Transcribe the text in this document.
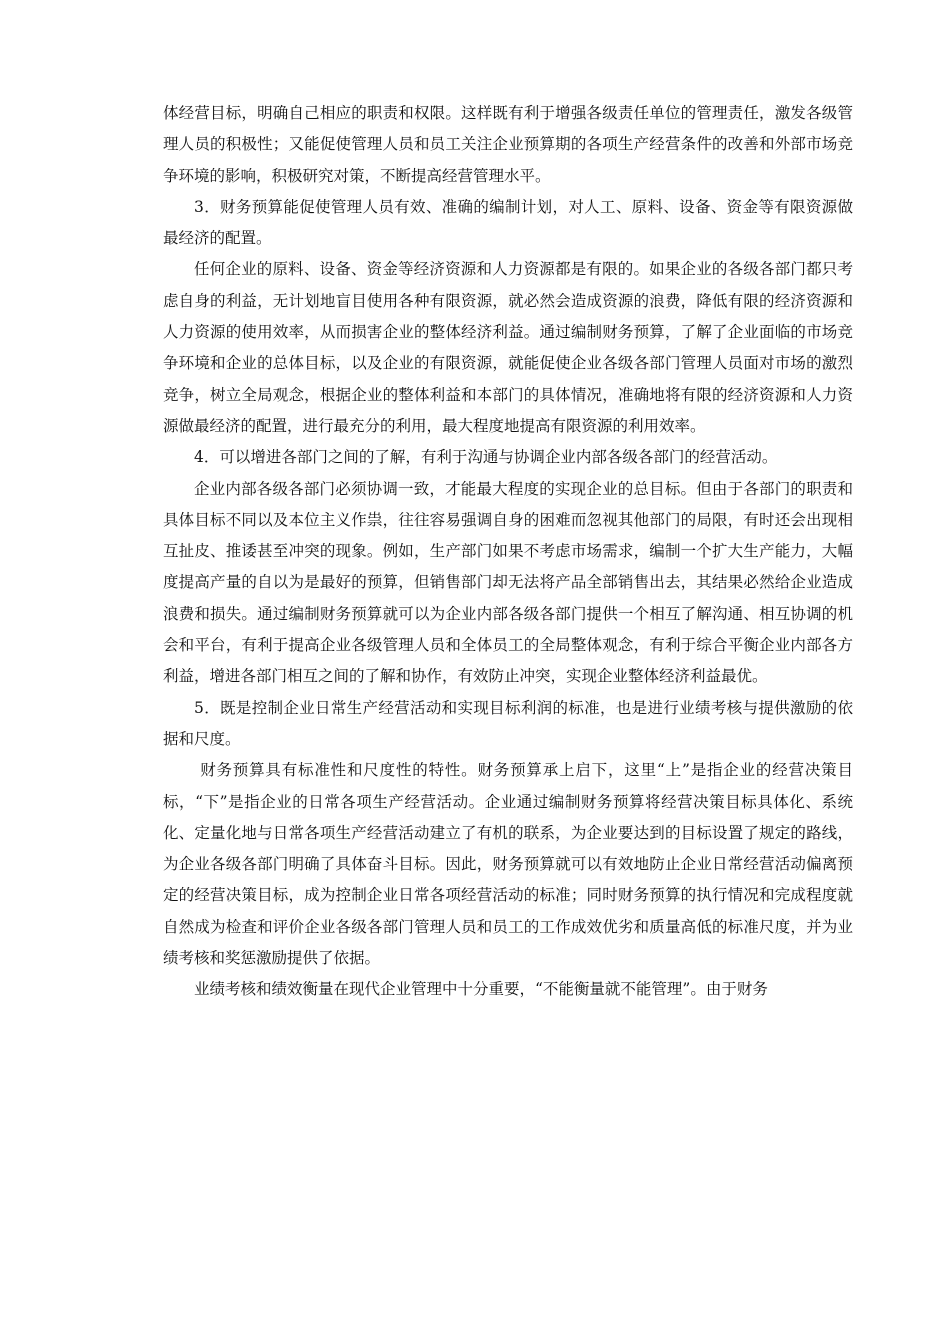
体经营目标，明确自己相应的职责和权限。这样既有利于增强各级责任单位的管理责任，激发各级管理人员的积极性；又能促使管理人员和员工关注企业预算期的各项生产经营条件的改善和外部市场竞争环境的影响，积极研究对策，不断提高经营管理水平。

3．财务预算能促使管理人员有效、准确的编制计划，对人工、原料、设备、资金等有限资源做最经济的配置。

任何企业的原料、设备、资金等经济资源和人力资源都是有限的。如果企业的各级各部门都只考虑自身的利益，无计划地盲目使用各种有限资源，就必然会造成资源的浪费，降低有限的经济资源和人力资源的使用效率，从而损害企业的整体经济利益。通过编制财务预算，了解了企业面临的市场竞争环境和企业的总体目标，以及企业的有限资源，就能促使企业各级各部门管理人员面对市场的激烈竞争，树立全局观念，根据企业的整体利益和本部门的具体情况，准确地将有限的经济资源和人力资源做最经济的配置，进行最充分的利用，最大程度地提高有限资源的利用效率。

4．可以增进各部门之间的了解，有利于沟通与协调企业内部各级各部门的经营活动。

企业内部各级各部门必须协调一致，才能最大程度的实现企业的总目标。但由于各部门的职责和具体目标不同以及本位主义作祟，往往容易强调自身的困难而忽视其他部门的局限，有时还会出现相互扯皮、推诿甚至冲突的现象。例如，生产部门如果不考虑市场需求，编制一个扩大生产能力，大幅度提高产量的自以为是最好的预算，但销售部门却无法将产品全部销售出去，其结果必然给企业造成浪费和损失。通过编制财务预算就可以为企业内部各级各部门提供一个相互了解沟通、相互协调的机会和平台，有利于提高企业各级管理人员和全体员工的全局整体观念，有利于综合平衡企业内部各方利益，增进各部门相互之间的了解和协作，有效防止冲突，实现企业整体经济利益最优。

5．既是控制企业日常生产经营活动和实现目标利润的标准，也是进行业绩考核与提供激励的依据和尺度。

财务预算具有标准性和尺度性的特性。财务预算承上启下，这里“上”是指企业的经营决策目标，“下”是指企业的日常各项生产经营活动。企业通过编制财务预算将经营决策目标具体化、系统化、定量化地与日常各项生产经营活动建立了有机的联系，为企业要达到的目标设置了规定的路线，为企业各级各部门明确了具体奋斗目标。因此，财务预算就可以有效地防止企业日常经营活动偏离预定的经营决策目标，成为控制企业日常各项经营活动的标准；同时财务预算的执行情况和完成程度就自然成为检查和评价企业各级各部门管理人员和员工的工作成效优劣和质量高低的标准尺度，并为业绩考核和奖惩激励提供了依据。

业绩考核和绩效衡量在现代企业管理中十分重要，“不能衡量就不能管理”。由于财务
